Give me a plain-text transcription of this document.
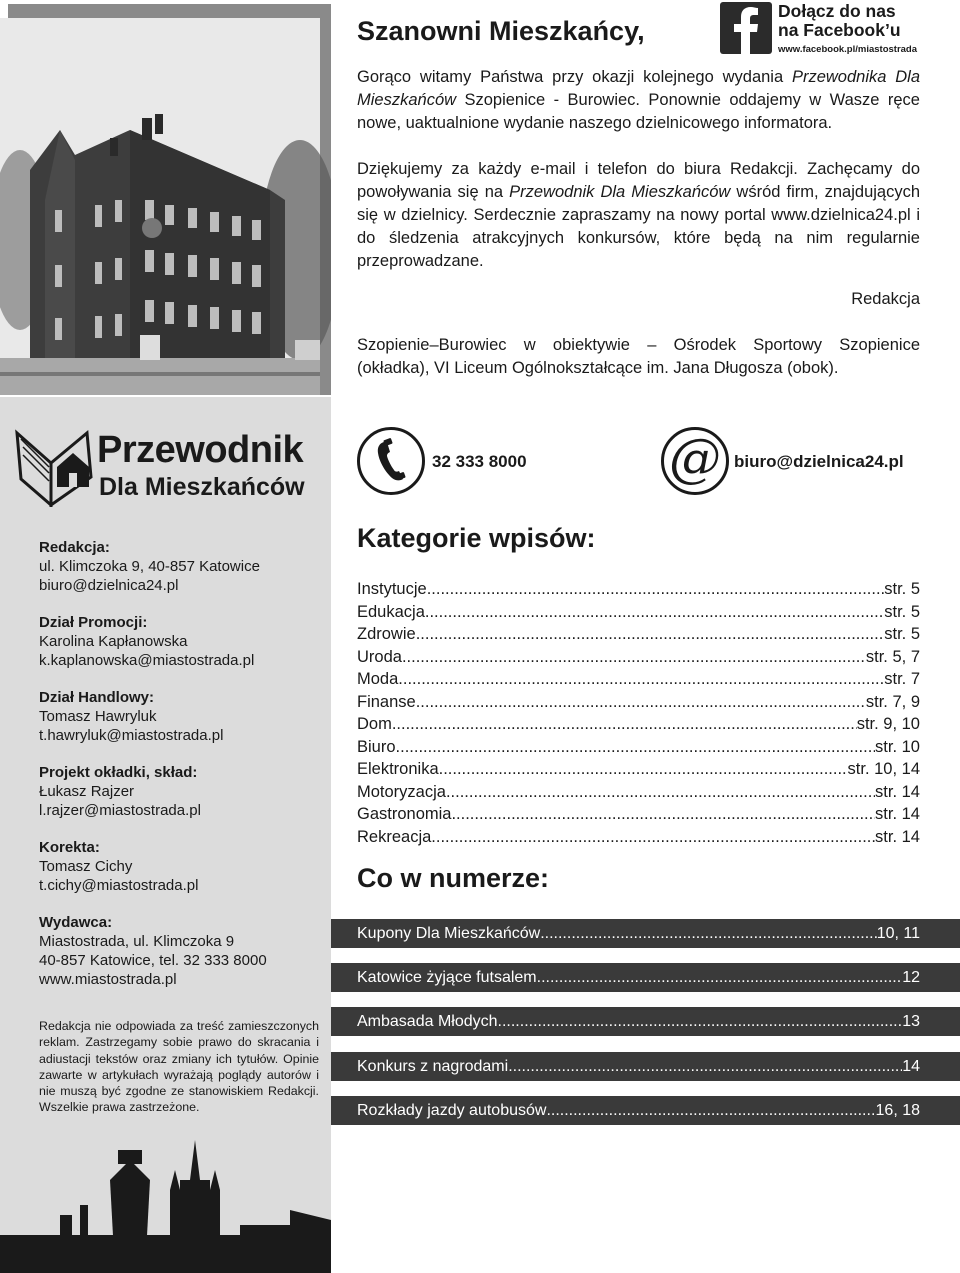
Przewodnik
Dla Mieszkańców
Redakcja:
ul. Klimczoka 9, 40-857 Katowice
biuro@dzielnica24.pl
Dział Promocji:
Karolina Kapłanowska
k.kaplanowska@miastostrada.pl
Dział Handlowy:
Tomasz Hawryluk
t.hawryluk@miastostrada.pl
Projekt okładki, skład:
Łukasz Rajzer
l.rajzer@miastostrada.pl
Korekta:
Tomasz Cichy
t.cichy@miastostrada.pl
Wydawca:
Miastostrada, ul. Klimczoka 9
40-857 Katowice, tel. 32 333 8000
www.miastostrada.pl
Redakcja nie odpowiada za treść zamieszczonych reklam. Zastrzegamy sobie prawo do skracania i adiustacji tekstów oraz zmiany ich tytułów. Opinie zawarte w artykułach wyrażają poglądy autorów i nie muszą być zgodne ze stanowiskiem Redakcji. Wszelkie prawa zastrzeżone.
Szanowni Mieszkańcy,
Dołącz do nas
na Facebook’u
www.facebook.pl/miastostrada

Gorąco witamy Państwa przy okazji kolejnego wydania Przewodnika Dla Mieszkańców Szopienice - Burowiec. Ponownie oddajemy w Wasze ręce nowe, uaktualnione wydanie naszego dzielnicowego informatora.

Dziękujemy za każdy e-mail i telefon do biura Redakcji. Zachęcamy do powoływania się na Przewodnik Dla Mieszkańców wśród firm, znajdujących się w dzielnicy. Serdecznie zapraszamy na nowy portal www.dzielnica24.pl i do śledzenia atrakcyjnych konkursów, które będą na nim regularnie przeprowadzane.

Redakcja
Szopienie–Burowiec w obiektywie – Ośrodek Sportowy Szopienice (okładka), VI Liceum Ogólnokształcące im. Jana Długosza (obok).
32 333 8000	@ biuro@dzielnica24.pl
Kategorie wpisów:
Instytucje .....	str. 5
Edukacja .....	str. 5
Zdrowie .....	str. 5
Uroda .....	str. 5, 7
Moda .....	str. 7
Finanse .....	str. 7, 9
Dom .....	str. 9, 10
Biuro .....	str. 10
Elektronika .....	str. 10, 14
Motoryzacja .....	str. 14
Gastronomia .....	str. 14
Rekreacja .....	str. 14
Co w numerze:
Kupony Dla Mieszkańców .....	10, 11
Katowice żyjące futsalem .....	12
Ambasada Młodych .....	13
Konkurs z nagrodami .....	14
Rozkłady jazdy autobusów .....	16, 18
